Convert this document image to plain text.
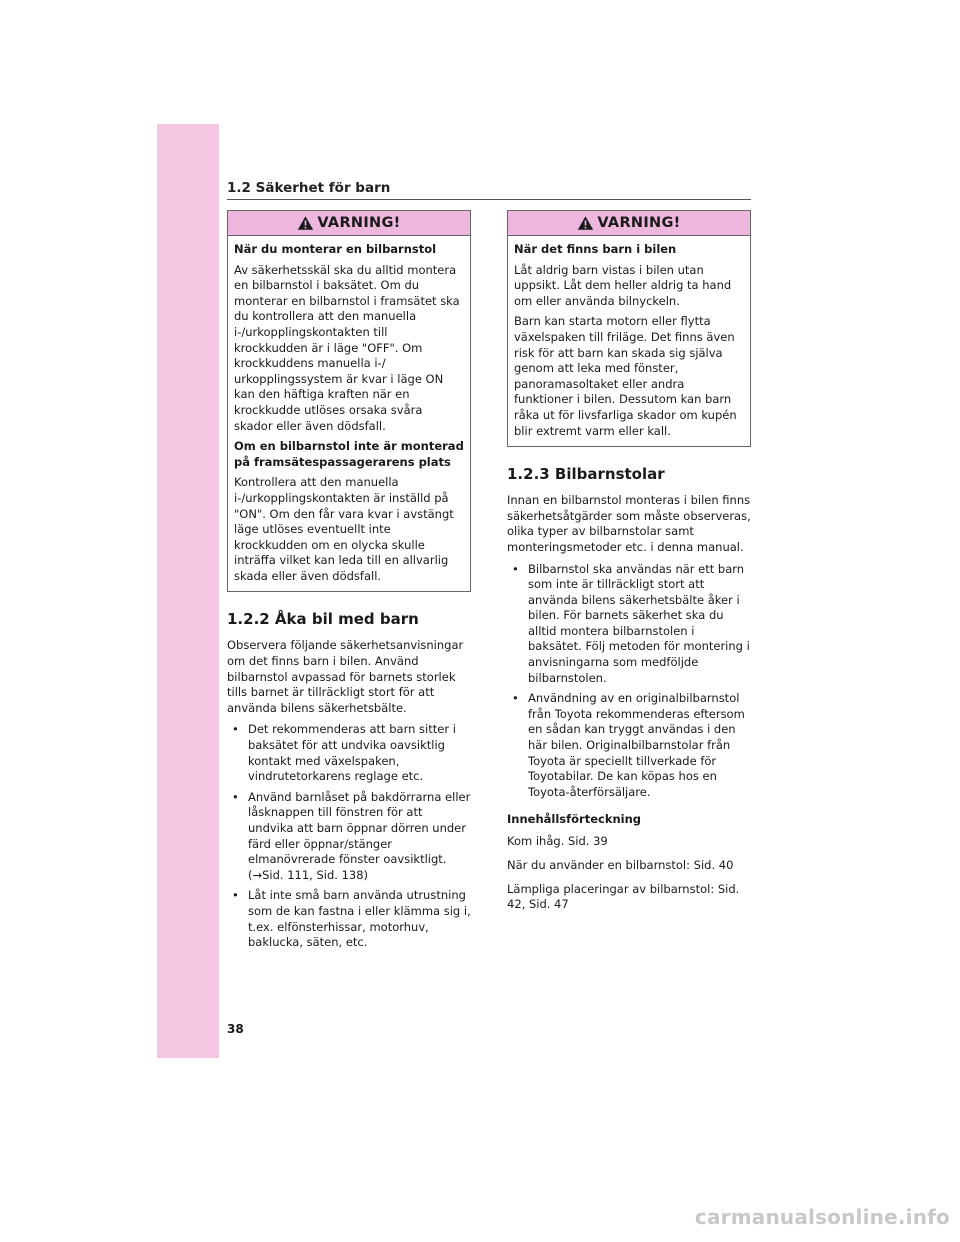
1.2 Säkerhet för barn
VARNING!

När du monterar en bilbarnstol

Av säkerhetsskäl ska du alltid montera en bilbarnstol i baksätet. Om du monterar en bilbarnstol i framsätet ska du kontrollera att den manuella i-/urkopplingskontakten till krockkudden är i läge "OFF". Om krockkuddens manuella i-/ urkopplingssystem är kvar i läge ON kan den häftiga kraften när en krockkudde utlöses orsaka svåra skador eller även dödsfall.

Om en bilbarnstol inte är monterad på framsätespassagerarens plats

Kontrollera att den manuella i-/urkopplingskontakten är inställd på "ON". Om den får vara kvar i avstängt läge utlöses eventuellt inte krockkudden om en olycka skulle inträffa vilket kan leda till en allvarlig skada eller även dödsfall.

1.2.2 Åka bil med barn

Observera följande säkerhetsanvisningar om det finns barn i bilen. Använd bilbarnstol avpassad för barnets storlek tills barnet är tillräckligt stort för att använda bilens säkerhetsbälte.

• Det rekommenderas att barn sitter i baksätet för att undvika oavsiktlig kontakt med växelspaken, vindrutetorkarens reglage etc.
• Använd barnlåset på bakdörrarna eller låsknappen till fönstren för att undvika att barn öppnar dörren under färd eller öppnar/stänger elmanövrerade fönster oavsiktligt. (→Sid. 111, Sid. 138)
• Låt inte små barn använda utrustning som de kan fastna i eller klämma sig i, t.ex. elfönsterhissar, motorhuv, baklucka, säten, etc.
VARNING!

När det finns barn i bilen

Låt aldrig barn vistas i bilen utan uppsikt. Låt dem heller aldrig ta hand om eller använda bilnyckeln.

Barn kan starta motorn eller flytta växelspaken till friläge. Det finns även risk för att barn kan skada sig själva genom att leka med fönster, panoramasoltaket eller andra funktioner i bilen. Dessutom kan barn råka ut för livsfarliga skador om kupén blir extremt varm eller kall.

1.2.3 Bilbarnstolar

Innan en bilbarnstol monteras i bilen finns säkerhetsåtgärder som måste observeras, olika typer av bilbarnstolar samt monteringsmetoder etc. i denna manual.

• Bilbarnstol ska användas när ett barn som inte är tillräckligt stort att använda bilens säkerhetsbälte åker i bilen. För barnets säkerhet ska du alltid montera bilbarnstolen i baksätet. Följ metoden för montering i anvisningarna som medföljde bilbarnstolen.
• Användning av en originalbilbarnstol från Toyota rekommenderas eftersom en sådan kan tryggt användas i den här bilen. Originalbilbarnstolar från Toyota är speciellt tillverkade för Toyotabilar. De kan köpas hos en Toyota-återförsäljare.
Innehållsförteckning

Kom ihåg. Sid. 39

När du använder en bilbarnstol: Sid. 40

Lämpliga placeringar av bilbarnstol: Sid. 42, Sid. 47

38
carmanualsonline.info
